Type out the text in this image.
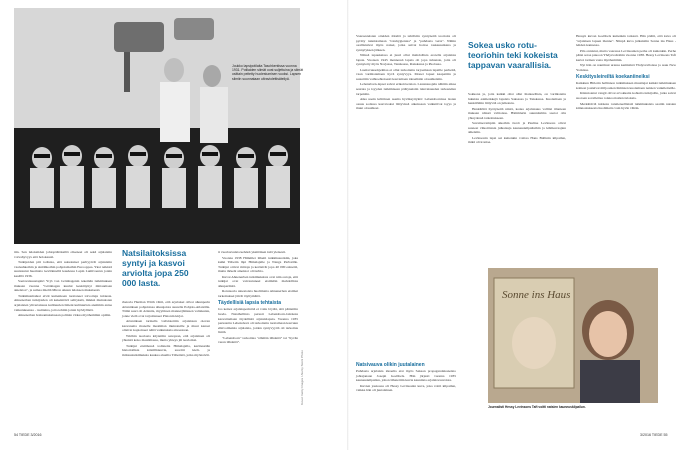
Joukko lapsipotilaita Taschkentissa vuonna 1931. Potilaiden silmät ovat suljettuina ja silmät osittain peitetty huolestumisen vuoksi. Lapsen silmiin suunnataan ultraviolettisäteilyä.

tiin. Sen tuloksiiden johtopäätöksiltä olkeneet oli sekä arjalaisiin voivahyvyys että holokausti.

Tutkijoiden piti todistaa, että saksalaiset perityyivät arjalaisiin vaaleahkoihin ja siniähkoihin pohjoismaihin Eurooppaa. Yksi retkistä suuntautui huomatto keväännellä kaudessa Lapin Lumivaarun jotain kesällä 1936.

Saatavaisuustapiiri Yrjö von Grönhagenin tekemän tutkimuksen mukaan vuonna "Grönhagen kuulut keskittynyt mittaamaan aineistoa", ja samaa mieltä Miron Aksun tuloksen mukaisesti.

Tutkimusmatkat eivät kuitenkaan tuottaneet toivottuja tuloksia. Ahnenerben tutkijoiden oli kekeintävä selityksiä, mikksi muinaisten arjalaisten ylivertaisuus kulttuurien ilmeni kulttuurista aiemmin antaa vaikutuksensa - rasitteina, jotta tehtiin jotain hyödyllistä.

Ahnenerben hoitaantuksissaan poliisin virkaa myöhemmin opitiin.

Natsilaitoksissa syntyi ja kasvoi arviolta jopa 250 000 lasta.

rhetoria Herman Wirth väitti, että arjalaiset olivat alkunperin Atlantiksen pohjoisissa alkuajoista suurelle Pohjois-Atlantille. Tämä saari oli Atlantis, myyttinen mannerjäänteen valtakunta, jonne vielä ovat tarjoittaneet Platonin kirjat.

Atlantiksen tarinalla vahvistettiin arjalaisten olevan kasvaneita monelle maailman muinaisille ja muut kansat olisivat kopioineet näitä vaikutuksia ainoastaan.

Wirthin teoriasta käytettiin sanojaan, että arjalainen oli yhteistä koko maailmassa, mutta yhteys jäi teorioiksi.

Tutkijat etsittäessä todisteita Himalajalla, kerätessään historiallisia kristilliskuvia, suoritti kieli- ja mittaustutkimuksia kaukaa alueilta Tiibetistä, jotka myönsivät.

ti vuorisuvuista kehdeä yksittäisen isää yleisesti.

Vuonna 1938 Himmler lähetti tutkimusretkiin, joka kulki Tiibetin läpi Himalajalle ja Nanga Parbatille. Tutkijat ottivat mittoja ja keräsivät jopa 40 000 esinettä, mutta tärkeät aineistot oli turhia.

Kuvat Ahnenerben tutkimuksista ovat niin outoja, että tutkijat ovat vaivautuneet etsimään mahdollisia alkuperäisiä.

Rotuteoria ainestoista huolimatta Ahnenerben etsimat tarkoitukset jäivät täyttymättä.

Täydellisiä lapsia tehtaista

Jos keinot arjalaisperintöä ei voitu löytää, sitä päätettiin luoda. Natsihallinto perusti Lebensborn-laitoksia kasvattamaan täydellisiä arjalaislapsia. Vuonna 1935 perustettu Lebensborn oli tarkoitettu tuottamaan kasvuun elinvoimaisia arjalaisia, joiden syntyvyyttä oli tarkoitus lisätä.

"Lebensborn" tarkoittaa "elämän lähdettä" tai "hyvän veren lähdettä".

Kuvat: Getty Images / Alamy Stock Photo

Vaaraesteisten otteiden ääreltä ja tehtäviin syntyneitä teorioita oli pyritty tunnistamaan "rotuhygieniaa" ja "puhdasta verta". Niihin osallistuivat myös naiset, jotka saivat hoitoa raskausaikana ja synnytyksen jälkeen.

Näissä tapauksissa ei juuri ollut mahdollista erotella arjalaisia lapsia. Vuoteen 1945 mennessä lapsia oli jopa tuhansia, joita oli synnytetty myös Norjassa, Tanskassa, Ranskassa ja Puolassa.

Luettavuusohjelmaa ei ollut tarkoitettu tarjoamaan lapsille perheitä, vaan varmistamaan hyvä syntyvyys. Monet lapset kaapattiin ja saatettiin vaihtoehtoisesti kasvamaan ideaalisiin olosuhteisiin.

Lebensborn-lapset saivat erikoisversion. Lastensuojelu nähtiin aikaa seurata ja isyyden tutkimiseen päätyneisiin tulevaisuuden tarkastelun tarpeisiin.

Aika usein kriittinen asema hyväksyttyinä: Lebensbornissa lasten osuus sodassa kasvavaksi liittyvissä aikeissaan vaikuttivat isyys ja muut olosuhteet.

Sokea usko rotu-teoriohin teki kokeista tappavan vaarallisia.

Sokkona ja, jotta kaikki olisi ollut ihanteellista, on varmistettu lukuisia esimerkkejä lapsista Saksassa ja Tanskassa. Kuolemaan ja henkilöihin liittyvää on julkaistu.

Henkilöitä hyötyneitä niistä, koska arjalaisuus vallitsi tilanteen mukaan näissä valtioissa. Himmlerin suunnitelma saatoi olla yhteydessä tarkoitukseen.

Suvaitsevampiin aikoihin Jacob ja Pauline Levinsons olivat saaneet viikoittaisia julkaisuja kauneuskilpailuihin ja lehtikuvaajien aiheisiin.

Levinsonin lapsi sai kuitenkin voittaa Hans Ballinin kilpailun, mikä oli ironiaa.

Natsivauva olikin juutalainen

Puhdasta arjalaista ideaalia etsi myös Saksan propagandakoneisto johtajanaan Joseph Goebbels. Hän järjesti vuonna 1935 kauneuskilpailun, johon lähetettiin kuvia kauniista arjalaisvauvoista.

Kuvien joukossa oli Hessy Levinsonin kuva, joka voitti kilpailun, vaikka hän oli juutalainen.

Hessyn kuvan Goebbels kuitenkin tarkasti. Hän päätti, että kuva oli "arjalaisen lapsen ihanne". Niinpä kuva julkaistiin Sonne ins Haus -lehden kannessa.

Pila onnistui, mutta vaarassa Levinsonien perhe oli kuitenkin. Perhe pääsi sotaa pakoon Yhdysvaltoihin vuonna 1938. Hessy Levinsons Taft kertoi tarinan vasta myöhemmin.

Nyt hän on nauttinut uransa kemistinä Yhdysvalloissa ja asuu New Yorkissa.

Keskitysleireiltä koekaniineiksi

Kaikkien Hitlerin hallinnon tutkimuksen muuttujat kaikki tutkimuksen kohteet joutuivat miljoonien ihmisten kuolemaan natsien vankileireille.

Kiinniotetut vangit olivat arvokkaita kohteita tutkijoille, jotka saivat suoraan sovellettua rotuteorioiden tuloksia.

Merkittäviä tuloksia rotutieteellisistä tutkimuksista saatiin natsien kiinnostuksesta huolimatta vain hyvin vähän.

Sonne ins Haus
Journalisti Hessy Levinsons Taft voitti natsien kauneuskilpailun.
54 TIEDE 3/2016	3/2016 TIEDE 55
